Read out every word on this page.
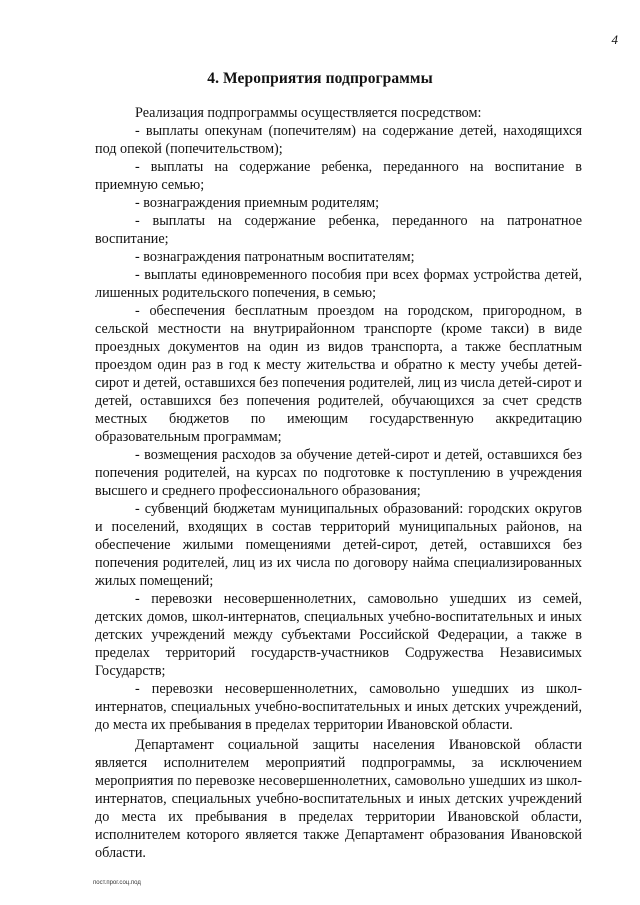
4
4. Мероприятия подпрограммы

Реализация подпрограммы осуществляется посредством:

- выплаты опекунам (попечителям) на содержание детей, находящихся под опекой (попечительством);

- выплаты на содержание ребенка, переданного на воспитание в приемную семью;

- вознаграждения приемным родителям;

- выплаты на содержание ребенка, переданного на патронатное воспитание;

- вознаграждения патронатным воспитателям;

- выплаты единовременного пособия при всех формах устройства детей, лишенных родительского попечения, в семью;

- обеспечения бесплатным проездом на городском, пригородном, в сельской местности на внутрирайонном транспорте (кроме такси) в виде проездных документов на один из видов транспорта, а также бесплатным проездом один раз в год к месту жительства и обратно к месту учебы детей-сирот и детей, оставшихся без попечения родителей, лиц из числа детей-сирот и детей, оставшихся без попечения родителей, обучающихся за счет средств местных бюджетов по имеющим государственную аккредитацию образовательным программам;

- возмещения расходов за обучение детей-сирот и детей, оставшихся без попечения родителей, на курсах по подготовке к поступлению в учреждения высшего и среднего профессионального образования;

- субвенций бюджетам муниципальных образований: городских округов и поселений, входящих в состав территорий муниципальных районов, на обеспечение жилыми помещениями детей-сирот, детей, оставшихся без попечения родителей, лиц из их числа по договору найма специализированных жилых помещений;

- перевозки несовершеннолетних, самовольно ушедших из семей, детских домов, школ-интернатов, специальных учебно-воспитательных и иных детских учреждений между субъектами Российской Федерации, а также в пределах территорий государств-участников Содружества Независимых Государств;

- перевозки несовершеннолетних, самовольно ушедших из школ-интернатов, специальных учебно-воспитательных и иных детских учреждений, до места их пребывания в пределах территории Ивановской области.

Департамент социальной защиты населения Ивановской области является исполнителем мероприятий подпрограммы, за исключением мероприятия по перевозке несовершеннолетних, самовольно ушедших из школ-интернатов, специальных учебно-воспитательных и иных детских учреждений до места их пребывания в пределах территории Ивановской области, исполнителем которого является также Департамент образования Ивановской области.

пост.прог.соц.под
